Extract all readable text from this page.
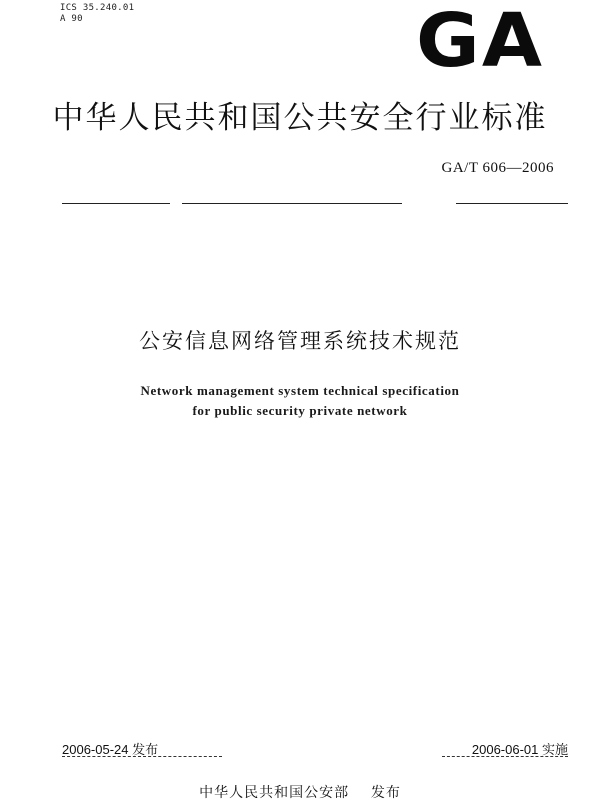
ICS 35.240.01
A 90	GA
中华人民共和国公共安全行业标准
GA/T 606—2006
公安信息网络管理系统技术规范
Network management system technical specification
for public security private network
2006-05-24 发布	2006-06-01 实施
中华人民共和国公安部    发布
